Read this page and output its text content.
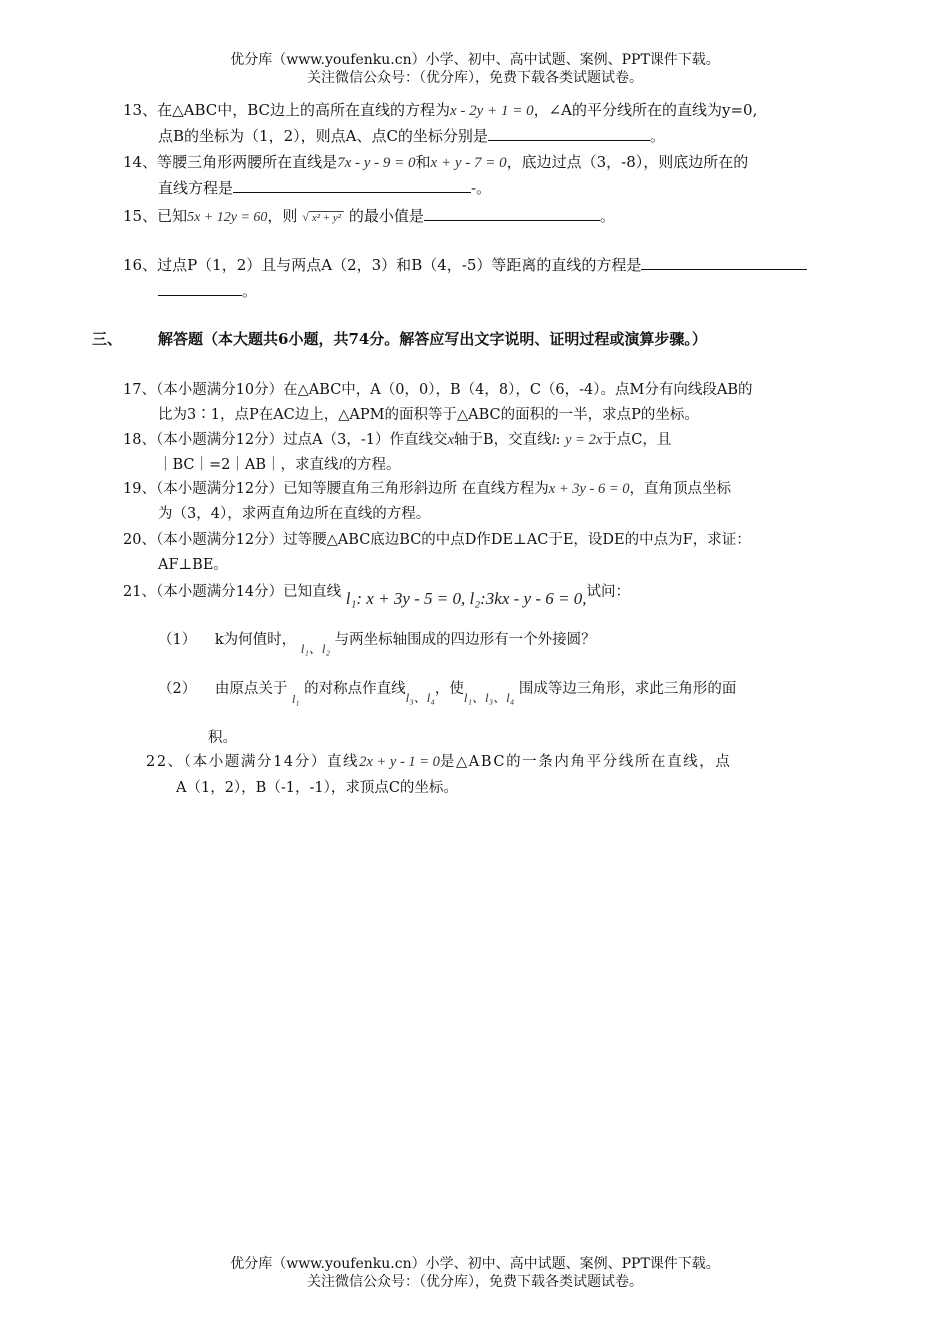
优分库（www.youfenku.cn）小学、初中、高中试题、案例、PPT课件下载。
关注微信公众号：（优分库），免费下载各类试题试卷。
13、在△ABC中，BC边上的高所在直线的方程为x - 2y + 1 = 0，∠A的平分线所在的直线为y=0,
点B的坐标为（1，2），则点A、点C的坐标分别是	。
14、等腰三角形两腰所在直线是7x - y - 9 = 0和x + y - 7 = 0，底边过点（3，-8），则底边所在的
直线方程是	-。
15、已知5x + 12y = 60，则 √ x² + y² 的最小值是	。
16、过点P（1，2）且与两点A（2，3）和B（4，-5）等距离的直线的方程是
。
三、 解答题（本大题共6小题，共74分。解答应写出文字说明、证明过程或演算步骤。）
17、（本小题满分10分）在△ABC中，A（0，0），B（4，8），C（6，-4）。点M分有向线段AB的
比为3∶1，点P在AC边上，△APM的面积等于△ABC的面积的一半，求点P的坐标。
18、（本小题满分12分）过点A（3，-1）作直线交x轴于B，交直线l: y = 2x于点C，且
｜BC｜=2｜AB｜，求直线l的方程。
19、（本小题满分12分）已知等腰直角三角形斜边所 在直线方程为x + 3y - 6 = 0，直角顶点坐标
为（3，4），求两直角边所在直线的方程。
20、（本小题满分12分）过等腰△ABC底边BC的中点D作DE⊥AC于E，设DE的中点为F，求证：
AF⊥BE。
21、（本小题满分14分）已知直线 l₁: x + 3y - 5 = 0, l₂:3kx - y - 6 = 0,试问：
（1） k为何值时， l₁、l₂ 与两坐标轴围成的四边形有一个外接圆？
（2） 由原点关于 $_{l_1}$ 的对称点作直线l₃、l₄，使l₁、l₃、l₄ 围成等边三角形，求此三角形的面
积。
22、（本小题满分14分）直线2x + y - 1 = 0是△ABC的一条内角平分线所在直线，点
A（1，2），B（-1，-1），求顶点C的坐标。
优分库（www.youfenku.cn）小学、初中、高中试题、案例、PPT课件下载。
关注微信公众号：（优分库），免费下载各类试题试卷。
